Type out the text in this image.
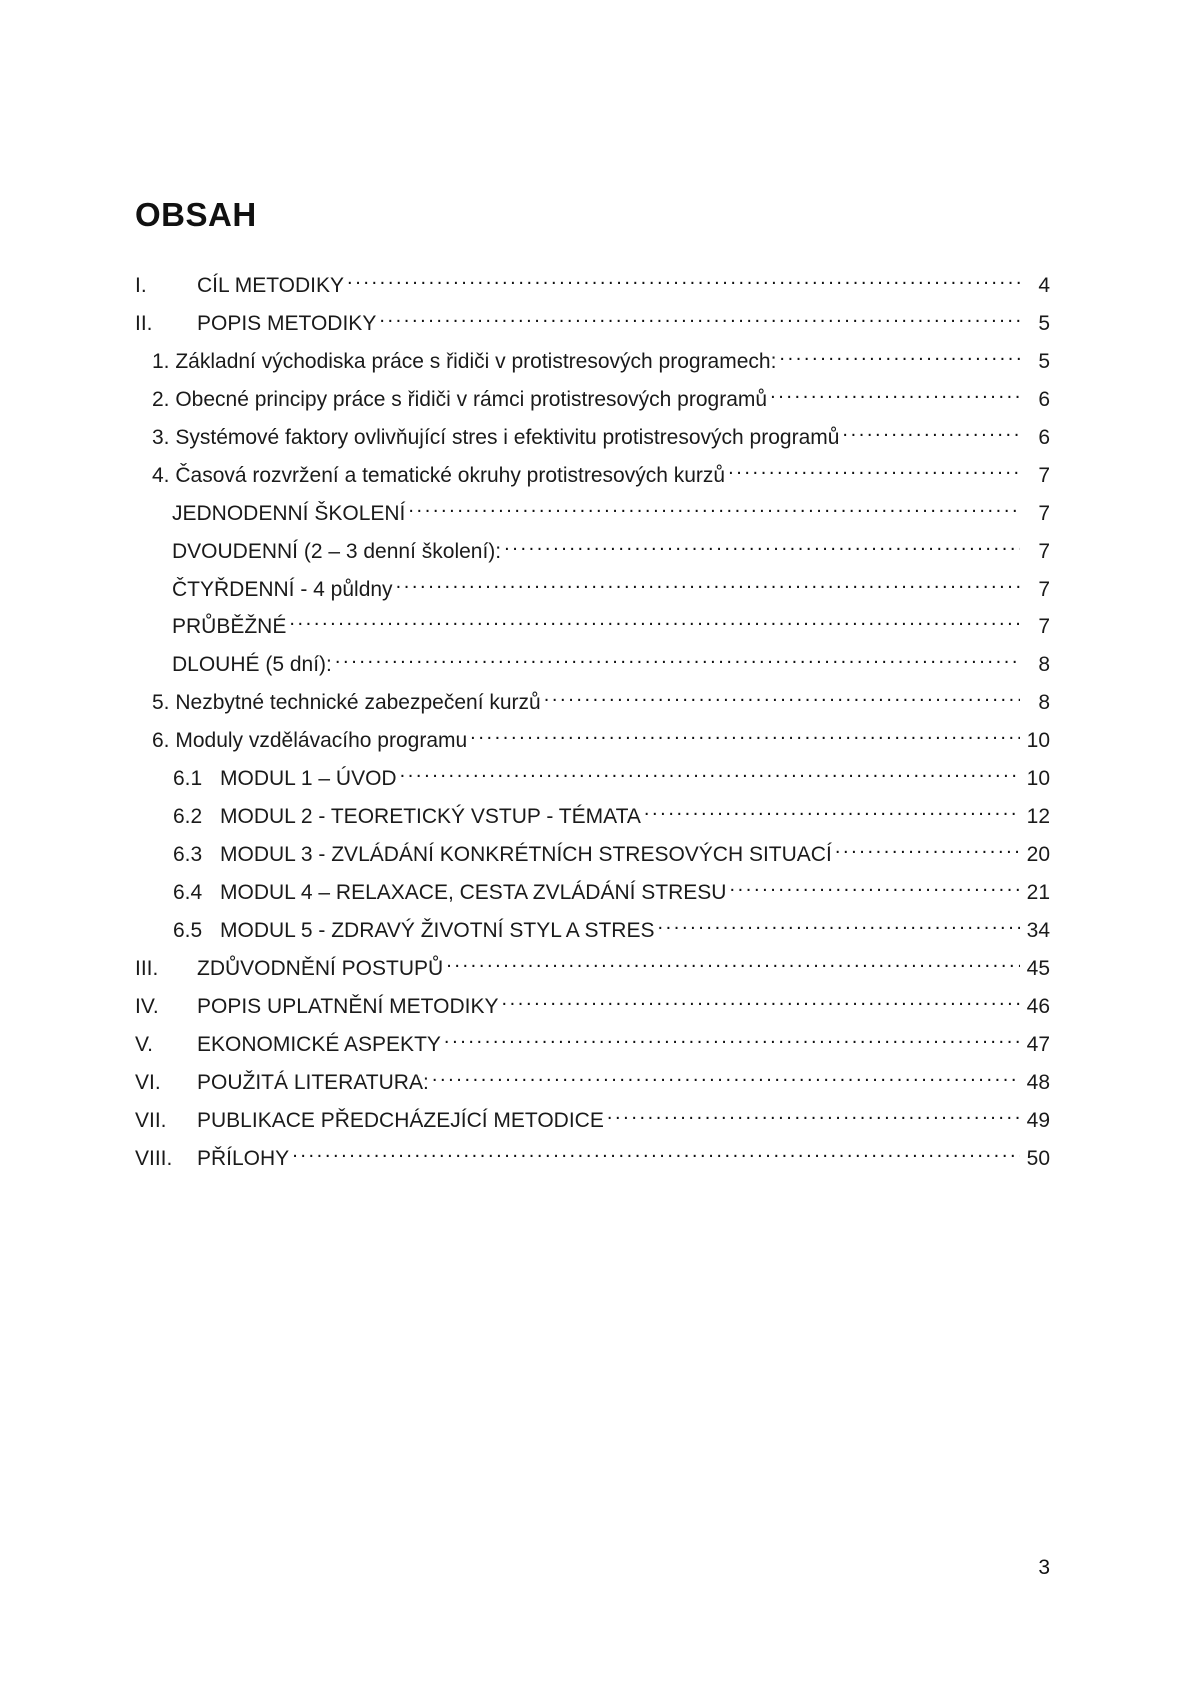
OBSAH
I.	CÍL METODIKY .....	4
II.	POPIS METODIKY .....	5
1. Základní východiska práce s řidiči v protistresových programech: .....	5
2. Obecné principy práce s řidiči v rámci protistresových programů .....	6
3. Systémové faktory ovlivňující stres i efektivitu protistresových programů .....	6
4. Časová rozvržení a tematické okruhy protistresových kurzů .....	7
JEDNODENNÍ ŠKOLENÍ .....	7
DVOUDENNÍ (2 – 3 denní školení): .....	7
ČTYŘDENNÍ - 4 půldny .....	7
PRŮBĚŽNÉ .....	7
DLOUHÉ (5 dní): .....	8
5. Nezbytné technické zabezpečení kurzů .....	8
6. Moduly vzdělávacího programu .....	10
6.1 MODUL 1 – ÚVOD .....	10
6.2 MODUL 2 - TEORETICKÝ VSTUP - TÉMATA .....	12
6.3 MODUL 3 - ZVLÁDÁNÍ KONKRÉTNÍCH STRESOVÝCH SITUACÍ .....	20
6.4 MODUL 4 – RELAXACE, CESTA ZVLÁDÁNÍ STRESU .....	21
6.5 MODUL 5 - ZDRAVÝ ŽIVOTNÍ STYL A STRES .....	34
III.	ZDŮVODNĚNÍ POSTUPŮ .....	45
IV.	POPIS UPLATNĚNÍ METODIKY .....	46
V.	EKONOMICKÉ ASPEKTY .....	47
VI.	POUŽITÁ LITERATURA: .....	48
VII.	PUBLIKACE PŘEDCHÁZEJÍCÍ METODICE .....	49
VIII.	PŘÍLOHY .....	50
3
